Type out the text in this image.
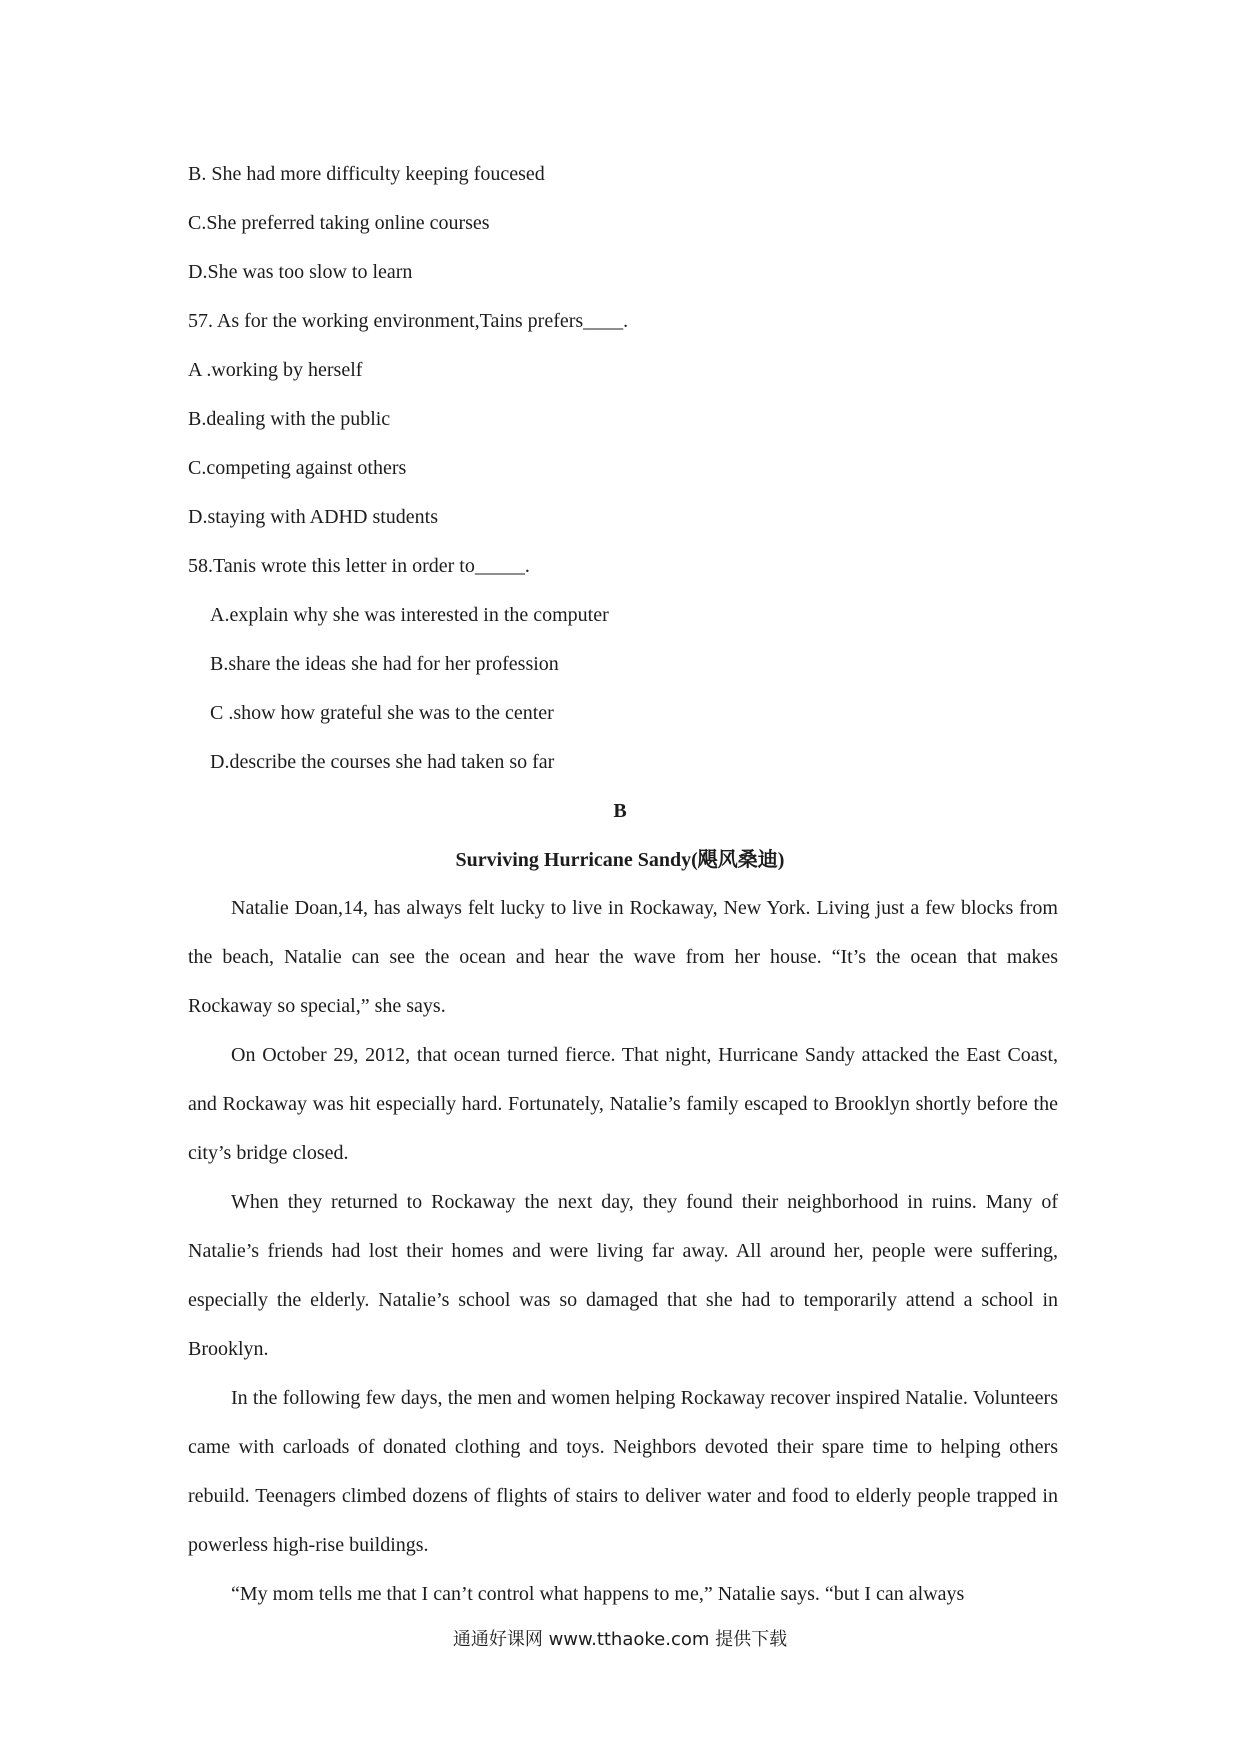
B. She had more difficulty keeping foucesed

C.She preferred taking online courses

D.She was too slow to learn

57. As for the working environment,Tains prefers____.

A .working by herself

B.dealing with the public

C.competing against others

D.staying with ADHD students

58.Tanis wrote this letter in order to_____.

A.explain why she was interested in the computer

B.share the ideas she had for her profession

C .show how grateful she was to the center

D.describe the courses she had taken so far

B

Surviving Hurricane Sandy(飓风桑迪)

Natalie Doan,14, has always felt lucky to live in Rockaway, New York. Living just a few blocks from the beach, Natalie can see the ocean and hear the wave from her house. “It’s the ocean that makes Rockaway so special,” she says.

On October 29, 2012, that ocean turned fierce. That night, Hurricane Sandy attacked the East Coast, and Rockaway was hit especially hard. Fortunately, Natalie’s family escaped to Brooklyn shortly before the city’s bridge closed.

When they returned to Rockaway the next day, they found their neighborhood in ruins. Many of Natalie’s friends had lost their homes and were living far away. All around her, people were suffering, especially the elderly. Natalie’s school was so damaged that she had to temporarily attend a school in Brooklyn.

In the following few days, the men and women helping Rockaway recover inspired Natalie. Volunteers came with carloads of donated clothing and toys. Neighbors devoted their spare time to helping others rebuild. Teenagers climbed dozens of flights of stairs to deliver water and food to elderly people trapped in powerless high-rise buildings.

“My mom tells me that I can’t control what happens to me,” Natalie says. “but I can always

通通好课网 www.tthaoke.com 提供下载
